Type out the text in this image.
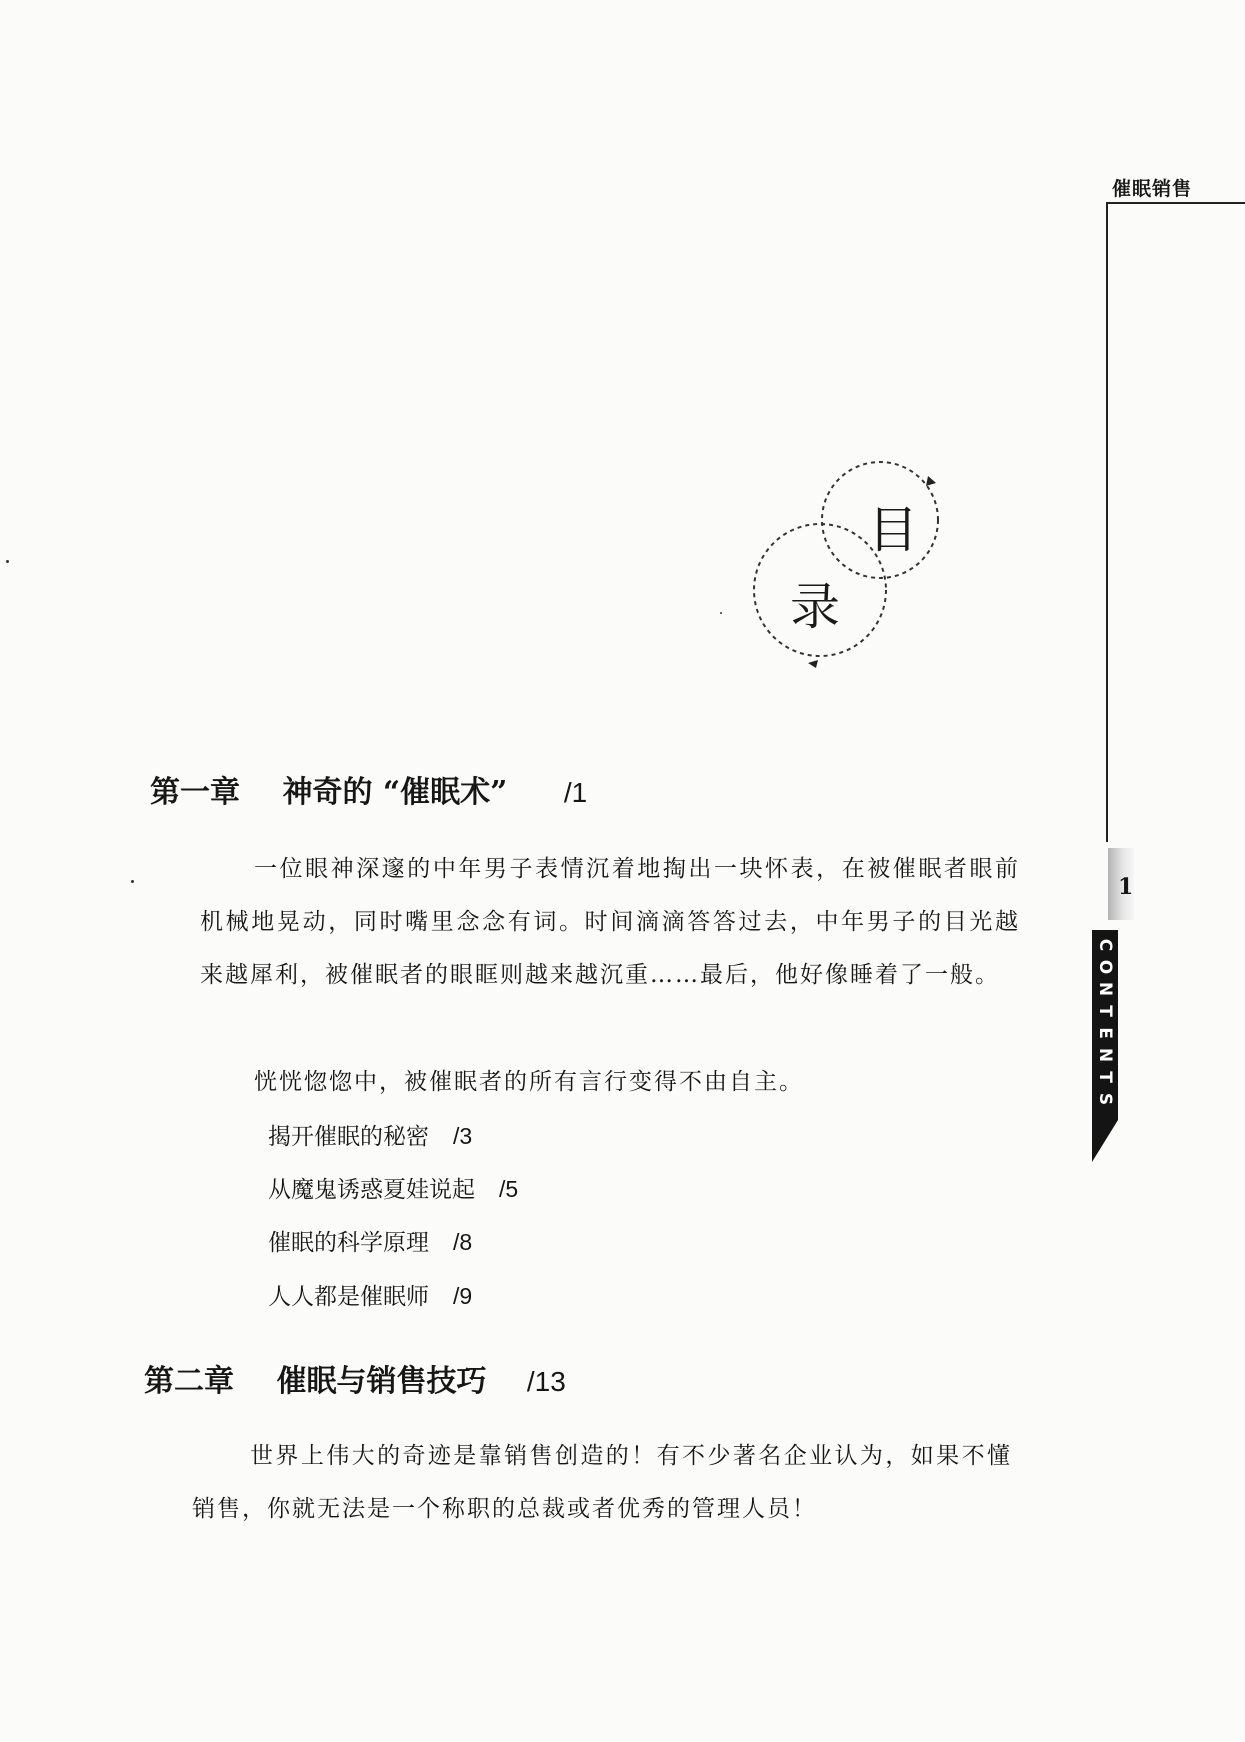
催眠销售
1
C
O
N
T
E
N
T
S
目
录
第一章 神奇的 “催眠术” /1
一位眼神深邃的中年男子表情沉着地掏出一块怀表，在被催眠者眼前机械地晃动，同时嘴里念念有词。时间滴滴答答过去，中年男子的目光越来越犀利，被催眠者的眼眶则越来越沉重……最后，他好像睡着了一般。
恍恍惚惚中，被催眠者的所有言行变得不由自主。
揭开催眠的秘密 /3
从魔鬼诱惑夏娃说起 /5
催眠的科学原理 /8
人人都是催眠师 /9
第二章 催眠与销售技巧 /13
世界上伟大的奇迹是靠销售创造的！有不少著名企业认为，如果不懂销售，你就无法是一个称职的总裁或者优秀的管理人员！
